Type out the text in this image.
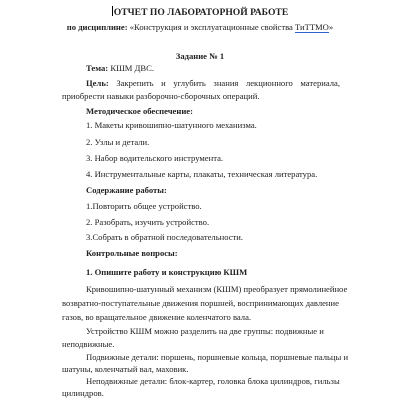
ОТЧЕТ ПО ЛАБОРАТОРНОЙ РАБОТЕ
по дисциплине: «Конструкция и эксплуатационные свойства ТиТТМО»
Задание № 1
Тема: КШМ ДВС.
Цель: Закрепить и углубить знания лекционного материала,
приобрести навыки разборочно-сборочных операций.
Методическое обеспечение:
1. Макеты кривошипно-шатунного механизма.
2. Узлы и детали.
3. Набор водительского инструмента.
4. Инструментальные карты, плакаты, техническая литература.
Содержание работы:
1.Повторить общее устройство.
2. Разобрать, изучить устройство.
3.Собрать в обратной последовательности.
Контрольные вопросы:
1. Опишите работу и конструкцию КШМ
Кривошипно-шатунный механизм (КШМ) преобразует прямолинейное
возвратно-поступательные движения поршней, воспринимающих давление
газов, во вращательное движение коленчатого вала.
Устройство КШМ можно разделить на две группы: подвижные и
неподвижные.
Подвижные детали: поршень, поршневые кольца, поршневые пальцы и
шатуны, коленчатый вал, маховик.
Неподвижные детали: блок-картер, головка блока цилиндров, гильзы
цилиндров.
